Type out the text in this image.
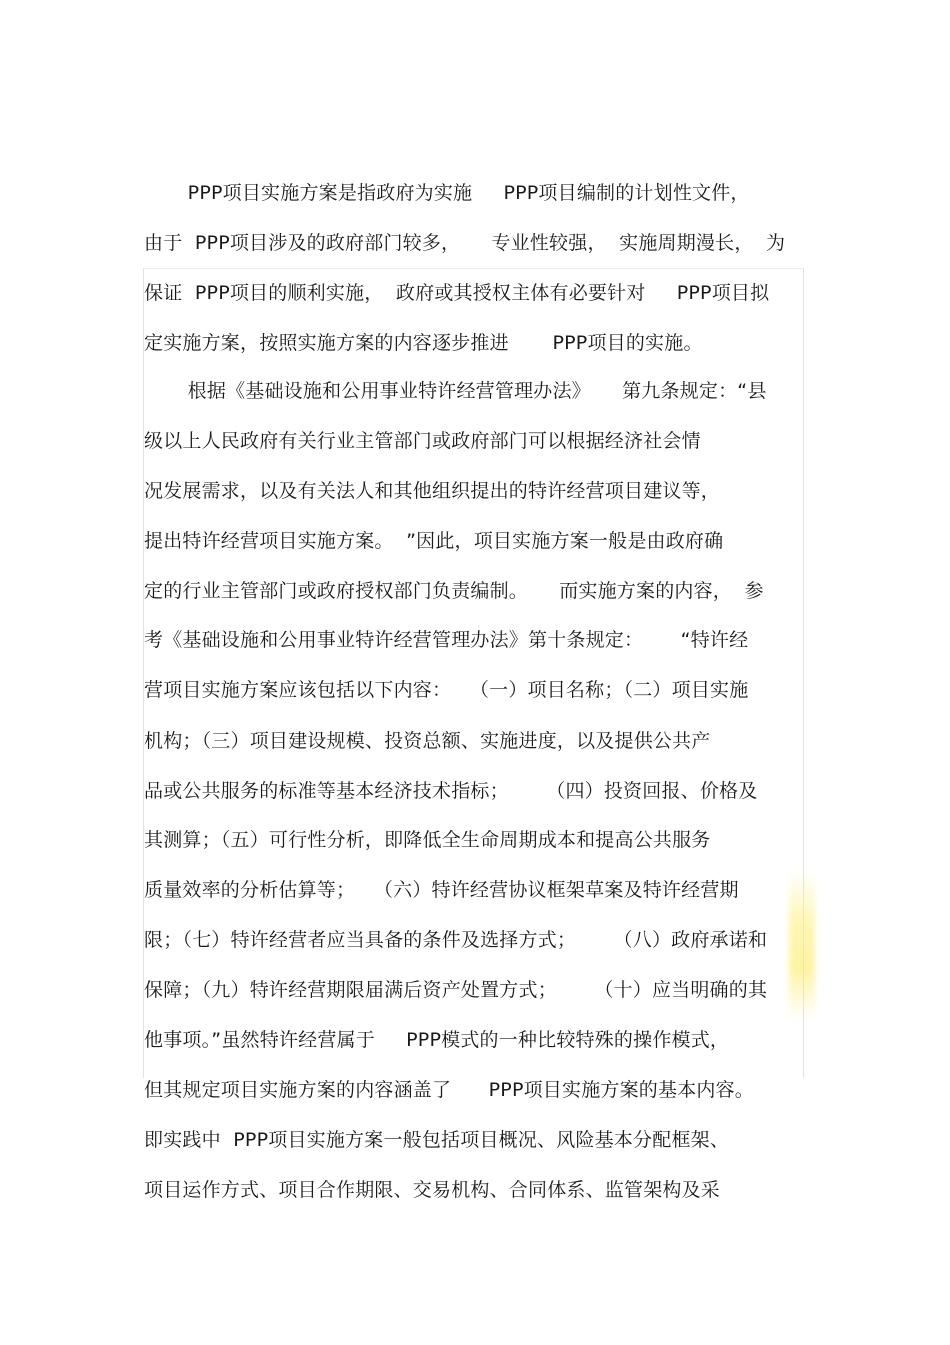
PPP项目实施方案是指政府为实施     PPP项目编制的计划性文件，
由于  PPP项目涉及的政府部门较多，     专业性较强，  实施周期漫长，  为
保证  PPP项目的顺利实施，  政府或其授权主体有必要针对     PPP项目拟
定实施方案，按照实施方案的内容逐步推进       PPP项目的实施。
根据《基础设施和公用事业特许经营管理办法》     第九条规定：“县
级以上人民政府有关行业主管部门或政府部门可以根据经济社会情
况发展需求，以及有关法人和其他组织提出的特许经营项目建议等，
提出特许经营项目实施方案。  ”因此，项目实施方案一般是由政府确
定的行业主管部门或政府授权部门负责编制。     而实施方案的内容，  参
考《基础设施和公用事业特许经营管理办法》第十条规定：      “特许经
营项目实施方案应该包括以下内容：   （一）项目名称；（二）项目实施
机构；（三）项目建设规模、投资总额、实施进度，以及提供公共产
品或公共服务的标准等基本经济技术指标；      （四）投资回报、价格及
其测算；（五）可行性分析，即降低全生命周期成本和提高公共服务
质量效率的分析估算等；   （六）特许经营协议框架草案及特许经营期
限；（七）特许经营者应当具备的条件及选择方式；      （八）政府承诺和
保障；（九）特许经营期限届满后资产处置方式；      （十）应当明确的其
他事项。”虽然特许经营属于     PPP模式的一种比较特殊的操作模式，
但其规定项目实施方案的内容涵盖了      PPP项目实施方案的基本内容。
即实践中  PPP项目实施方案一般包括项目概况、风险基本分配框架、
项目运作方式、项目合作期限、交易机构、合同体系、监管架构及采
